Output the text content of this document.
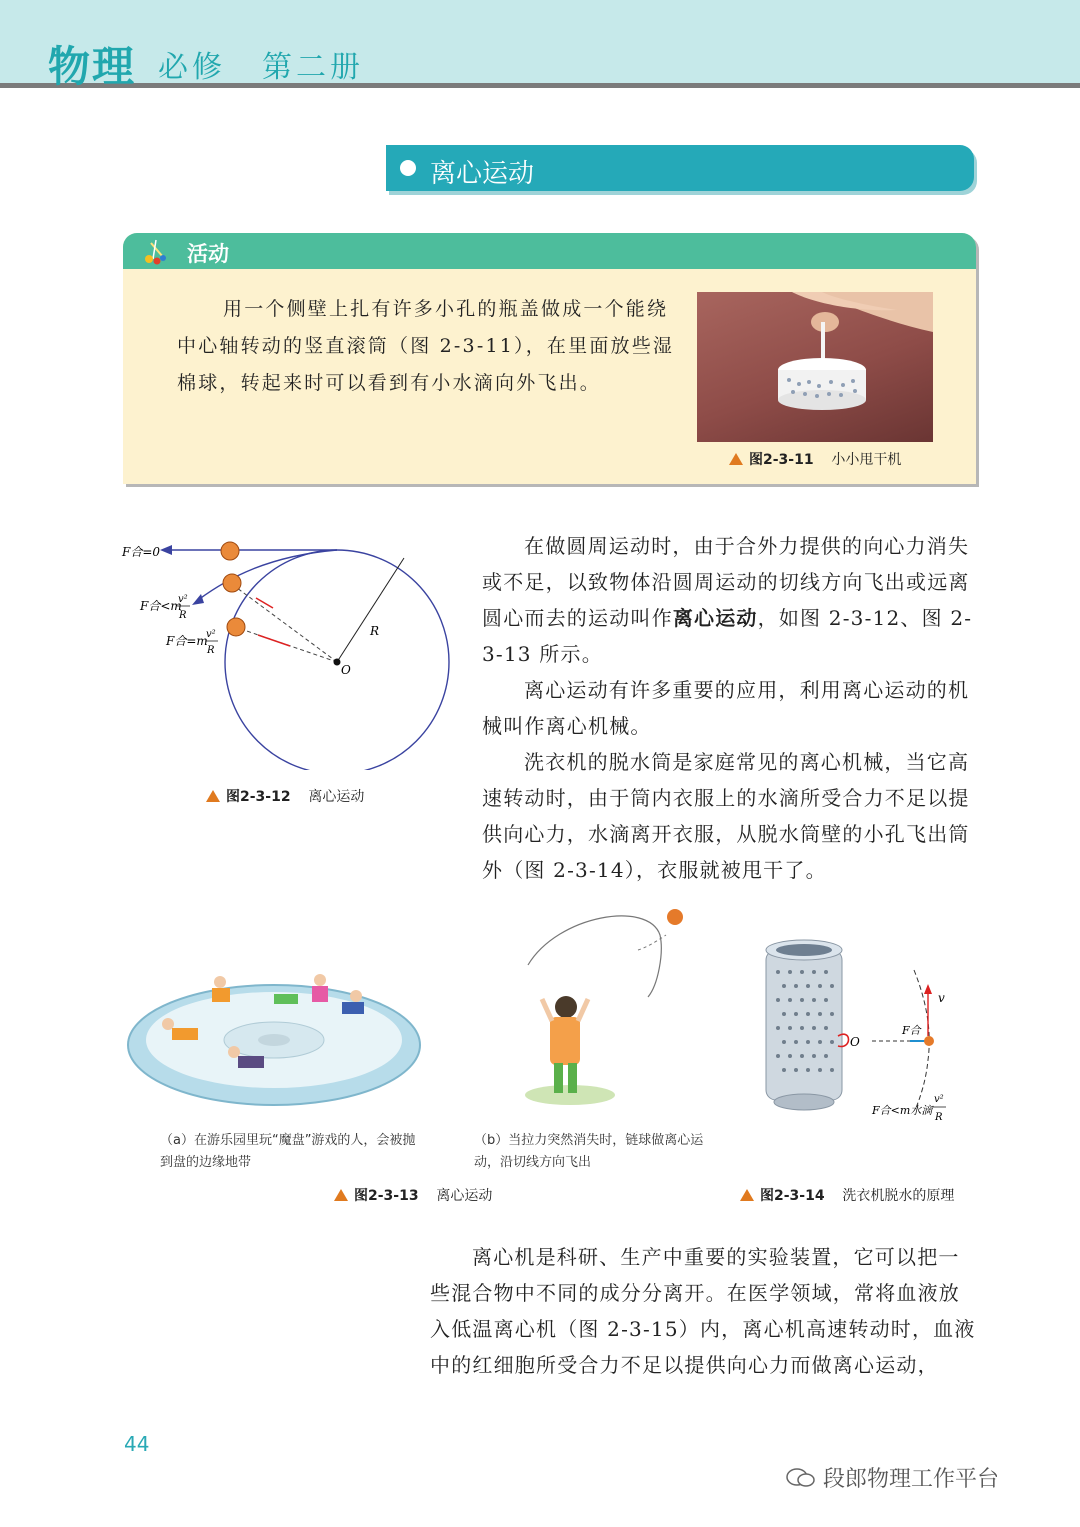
物理 必修 第二册
离心运动
活动
用一个侧壁上扎有许多小孔的瓶盖做成一个能绕中心轴转动的竖直滚筒（图 2-3-11），在里面放些湿棉球，转起来时可以看到有小水滴向外飞出。
图2-3-11 小小甩干机
F合=0
F合<m
v²
R
F合=m
v²
R
R
O
图2-3-12 离心运动

在做圆周运动时，由于合外力提供的向心力消失或不足，以致物体沿圆周运动的切线方向飞出或远离圆心而去的运动叫作离心运动，如图 2-3-12、图 2-3-13 所示。

离心运动有许多重要的应用，利用离心运动的机械叫作离心机械。

洗衣机的脱水筒是家庭常见的离心机械，当它高速转动时，由于筒内衣服上的水滴所受合力不足以提供向心力，水滴离开衣服，从脱水筒壁的小孔飞出筒外（图 2-3-14），衣服就被甩干了。

（a）在游乐园里玩“魔盘”游戏的人，会被抛到盘的边缘地带
（b）当拉力突然消失时，链球做离心运动，沿切线方向飞出
图2-3-13 离心运动
v
O
F合
F合<m水滴
v²
R
图2-3-14 洗衣机脱水的原理

离心机是科研、生产中重要的实验装置，它可以把一些混合物中不同的成分分离开。在医学领域，常将血液放入低温离心机（图 2-3-15）内，离心机高速转动时，血液中的红细胞所受合力不足以提供向心力而做离心运动，

44
段郎物理工作平台
